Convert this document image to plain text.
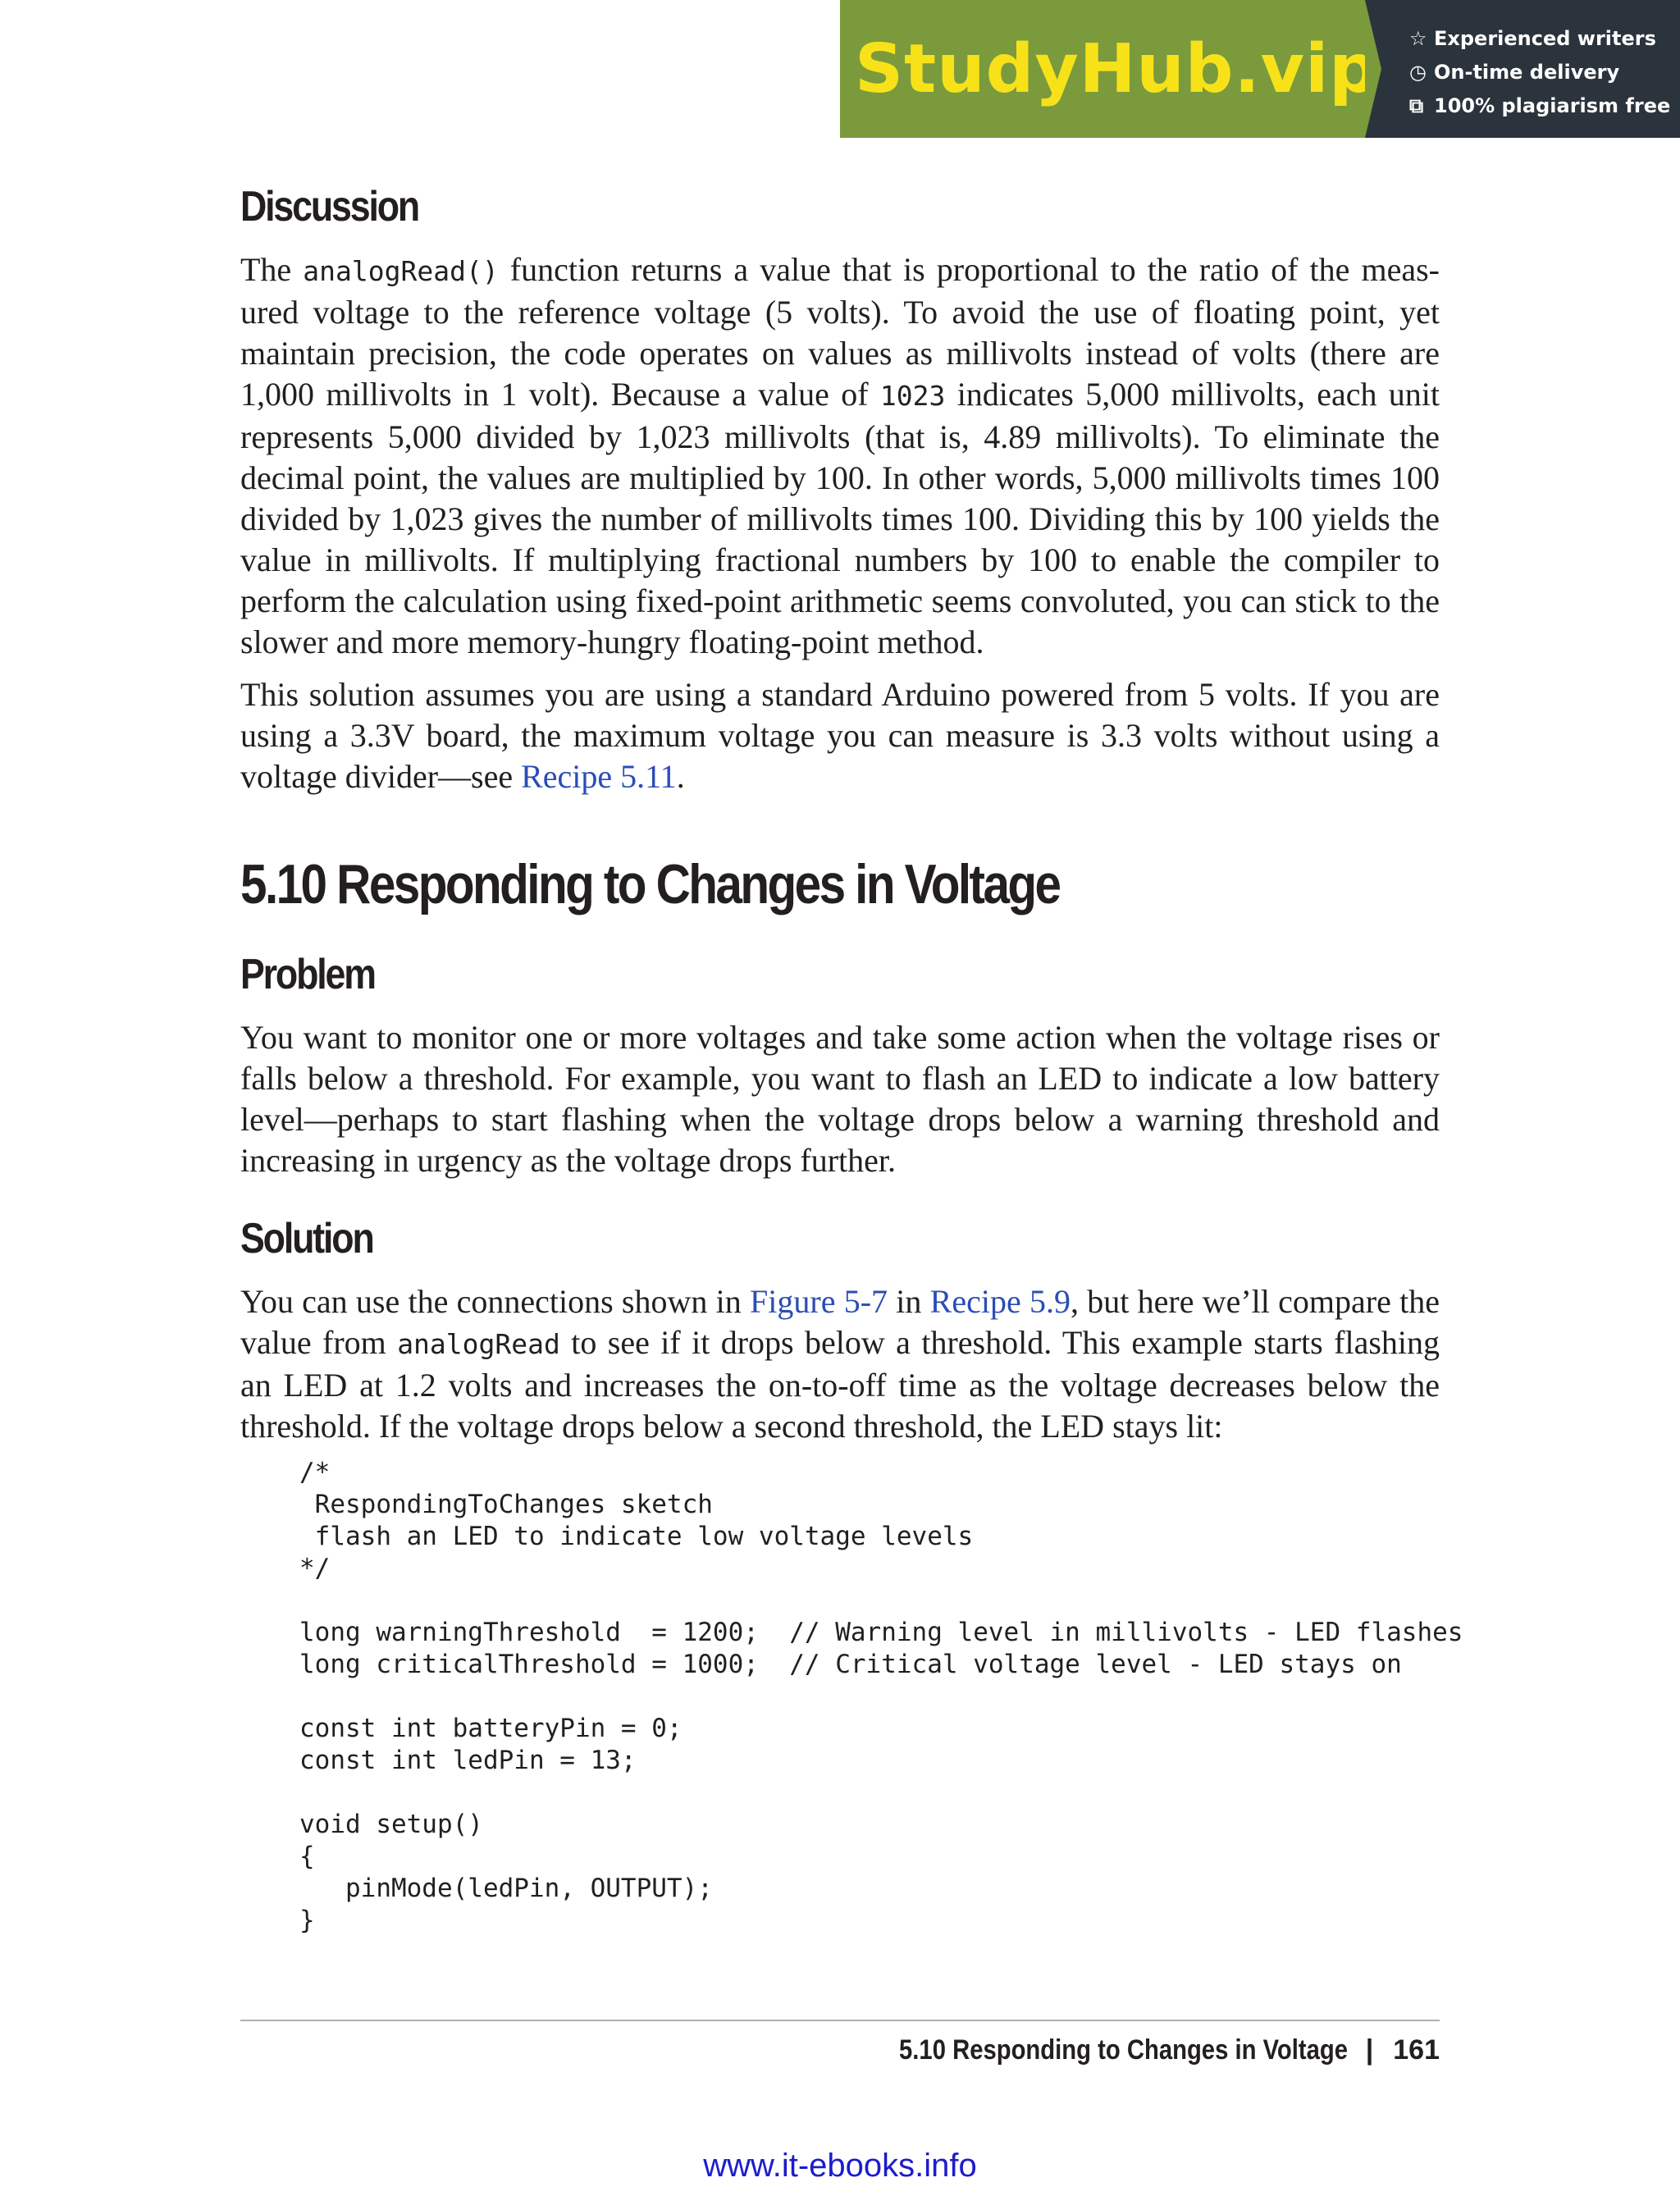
StudyHub.vip ☆ Experienced writers
◷ On-time delivery
⧉ 100% plagiarism free
Discussion

The analogRead() function returns a value that is proportional to the ratio of the meas-ured voltage to the reference voltage (5 volts). To avoid the use of floating point, yet maintain precision, the code operates on values as millivolts instead of volts (there are 1,000 millivolts in 1 volt). Because a value of 1023 indicates 5,000 millivolts, each unit represents 5,000 divided by 1,023 millivolts (that is, 4.89 millivolts). To eliminate the decimal point, the values are multiplied by 100. In other words, 5,000 millivolts times 100 divided by 1,023 gives the number of millivolts times 100. Dividing this by 100 yields the value in millivolts. If multiplying fractional numbers by 100 to enable the compiler to perform the calculation using fixed-point arithmetic seems convoluted, you can stick to the slower and more memory-hungry floating-point method.

This solution assumes you are using a standard Arduino powered from 5 volts. If you are using a 3.3V board, the maximum voltage you can measure is 3.3 volts without using a voltage divider—see Recipe 5.11.

5.10 Responding to Changes in Voltage
Problem

You want to monitor one or more voltages and take some action when the voltage rises or falls below a threshold. For example, you want to flash an LED to indicate a low battery level—perhaps to start flashing when the voltage drops below a warning threshold and increasing in urgency as the voltage drops further.

Solution

You can use the connections shown in Figure 5-7 in Recipe 5.9, but here we’ll compare the value from analogRead to see if it drops below a threshold. This example starts flashing an LED at 1.2 volts and increases the on-to-off time as the voltage decreases below the threshold. If the voltage drops below a second threshold, the LED stays lit:

/*
RespondingToChanges sketch
flash an LED to indicate low voltage levels
*/

long warningThreshold  = 1200;  // Warning level in millivolts - LED flashes
long criticalThreshold = 1000;  // Critical voltage level - LED stays on

const int batteryPin = 0;
const int ledPin = 13;

void setup()
{
pinMode(ledPin, OUTPUT);
}
5.10 Responding to Changes in Voltage | 161
www.it-ebooks.info
